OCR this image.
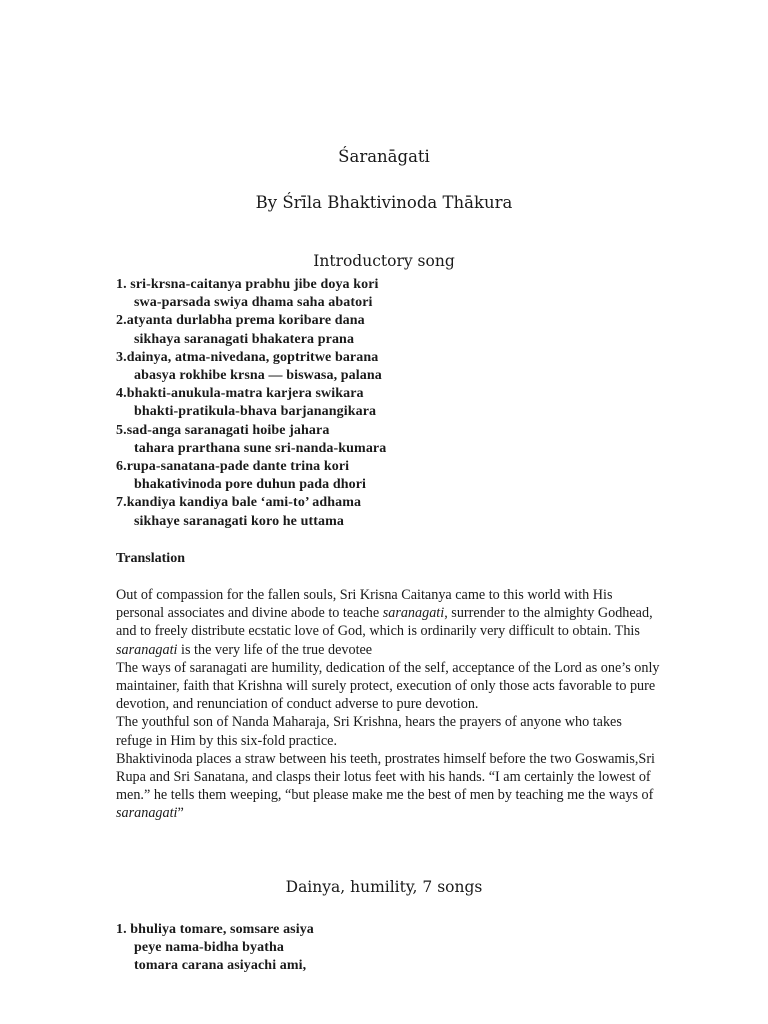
Śaranāgati
By Śrīla Bhaktivinoda Thākura
Introductory song
1. sri-krsna-caitanya prabhu jibe doya kori
swa-parsada swiya dhama saha abatori
2.atyanta durlabha prema koribare dana
sikhaya saranagati bhakatera prana
3.dainya, atma-nivedana, goptritwe barana
abasya rokhibe krsna — biswasa, palana
4.bhakti-anukula-matra karjera swikara
bhakti-pratikula-bhava barjanangikara
5.sad-anga saranagati hoibe jahara
tahara prarthana sune sri-nanda-kumara
6.rupa-sanatana-pade dante trina kori
bhakativinoda pore duhun pada dhori
7.kandiya kandiya bale ‘ami-to’ adhama
sikhaye saranagati koro he uttama
Translation

Out of compassion for the fallen souls, Sri Krisna Caitanya came to this world with His personal associates and divine abode to teache saranagati, surrender to the almighty Godhead, and to freely distribute ecstatic love of God, which is ordinarily very difficult to obtain. This saranagati is the very life of the true devotee

The ways of saranagati are humility, dedication of the self, acceptance of the Lord as one’s only maintainer, faith that Krishna will surely protect, execution of only those acts favorable to pure devotion, and renunciation of conduct adverse to pure devotion.

The youthful son of Nanda Maharaja, Sri Krishna, hears the prayers of anyone who takes refuge in Him by this six-fold practice.

Bhaktivinoda places a straw between his teeth, prostrates himself before the two Goswamis,Sri Rupa and Sri Sanatana, and clasps their lotus feet with his hands. “I am certainly the lowest of men.” he tells them weeping, “but please make me the best of men by teaching me the ways of saranagati”

Dainya, humility, 7 songs
1. bhuliya tomare, somsare asiya
peye nama-bidha byatha
tomara carana asiyachi ami,
